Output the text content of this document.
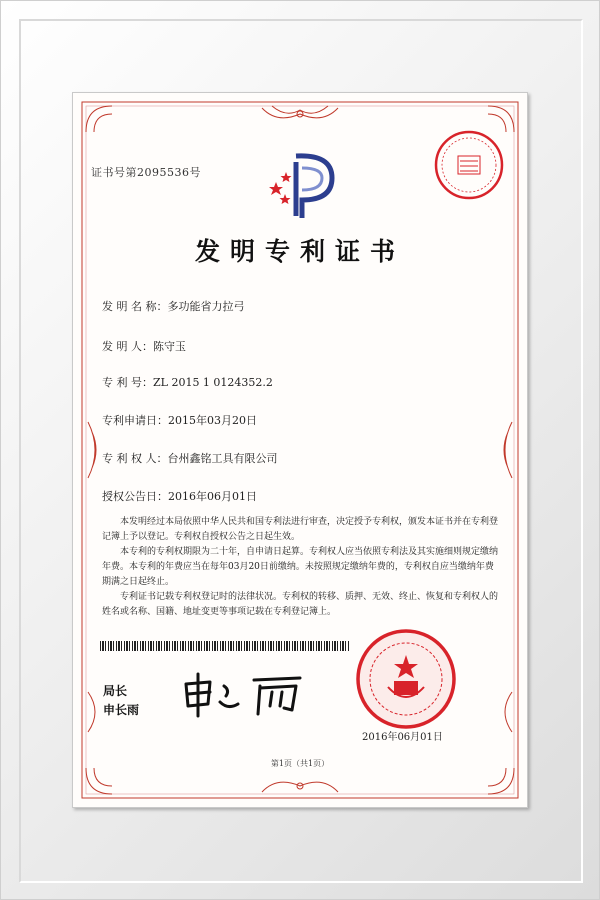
证书号第2095536号
发明专利证书
发 明 名 称：多功能省力拉弓
发 明 人：陈守玉
专 利 号：ZL 2015 1 0124352.2
专利申请日：2015年03月20日
专 利 权 人：台州鑫铭工具有限公司
授权公告日：2016年06月01日

本发明经过本局依照中华人民共和国专利法进行审查，决定授予专利权，颁发本证书并在专利登记簿上予以登记。专利权自授权公告之日起生效。

本专利的专利权期限为二十年，自申请日起算。专利权人应当依照专利法及其实施细则规定缴纳年费。本专利的年费应当在每年03月20日前缴纳。未按照规定缴纳年费的，专利权自应当缴纳年费期满之日起终止。

专利证书记载专利权登记时的法律状况。专利权的转移、质押、无效、终止、恢复和专利权人的姓名或名称、国籍、地址变更等事项记载在专利登记簿上。

局长
申长雨
2016年06月01日
第1页（共1页）
